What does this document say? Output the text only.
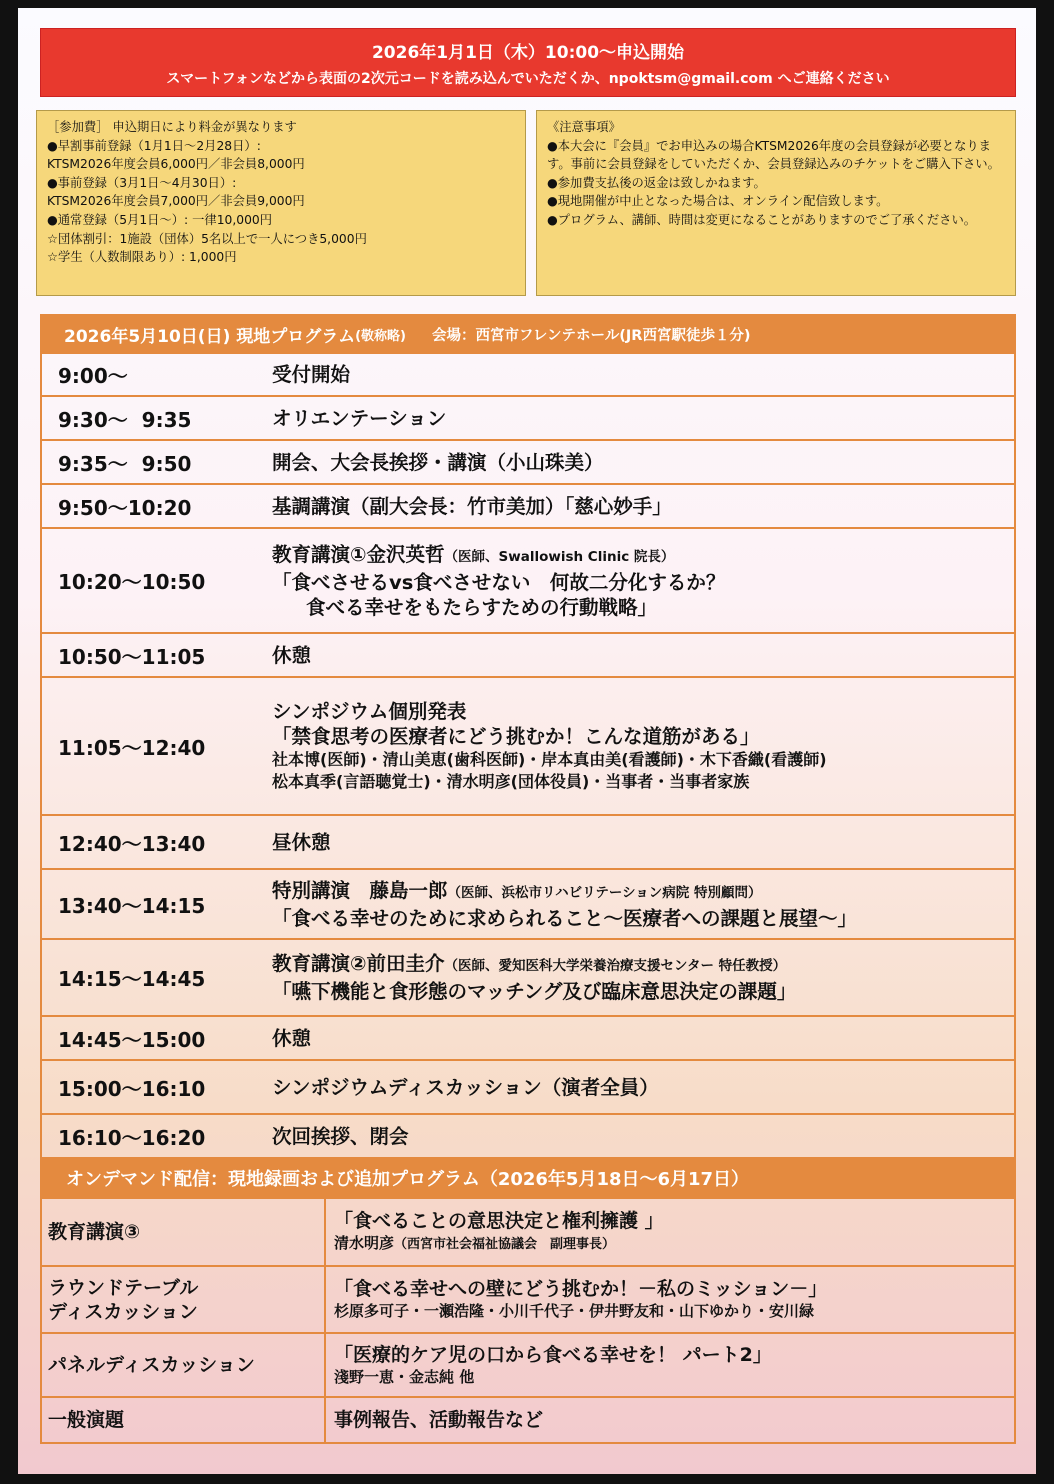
2026年1月1日（木）10:00～申込開始
スマートフォンなどから表面の2次元コードを読み込んでいただくか、npoktsm@gmail.com へご連絡ください
［参加費］ 申込期日により料金が異なります
●早割事前登録（1月1日～2月28日）:
KTSM2026年度会員6,000円／非会員8,000円
●事前登録（3月1日～4月30日）:
KTSM2026年度会員7,000円／非会員9,000円
●通常登録（5月1日～）: 一律10,000円
☆団体割引：1施設（団体）5名以上で一人につき5,000円
☆学生（人数制限あり）: 1,000円
《注意事項》
●本大会に『会員』でお申込みの場合KTSM2026年度の会員登録が必要となります。事前に会員登録をしていただくか、会員登録込みのチケットをご購入下さい。
●参加費支払後の返金は致しかねます。
●現地開催が中止となった場合は、オンライン配信致します。
●プログラム、講師、時間は変更になることがありますのでご了承ください。
2026年5月10日(日) 現地プログラム (敬称略) 会場：西宮市フレンテホール(JR西宮駅徒歩１分)
9:00～	受付開始
9:30～  9:35	オリエンテーション
9:35～  9:50	開会、大会長挨拶・講演（小山珠美）
9:50～10:20	基調講演（副大会長：竹市美加）「慈心妙手」
10:20～10:50
教育講演①金沢英哲（医師、Swallowish Clinic 院長）
「食べさせるvs食べさせない　何故二分化するか？
食べる幸せをもたらすための行動戦略」
10:50～11:05	休憩
11:05～12:40
シンポジウム個別発表
「禁食思考の医療者にどう挑むか！こんな道筋がある」
社本博(医師)・清山美恵(歯科医師)・岸本真由美(看護師)・木下香織(看護師)
松本真季(言語聴覚士)・清水明彦(団体役員)・当事者・当事者家族
12:40～13:40	昼休憩
13:40～14:15
特別講演　藤島一郎（医師、浜松市リハビリテーション病院 特別顧問）
「食べる幸せのために求められること～医療者への課題と展望～」
14:15～14:45
教育講演②前田圭介（医師、愛知医科大学栄養治療支援センター 特任教授）
「嚥下機能と食形態のマッチング及び臨床意思決定の課題」
14:45～15:00	休憩
15:00～16:10	シンポジウムディスカッション（演者全員）
16:10～16:20	次回挨拶、閉会
オンデマンド配信：現地録画および追加プログラム（2026年5月18日～6月17日）
教育講演③	「食べることの意思決定と権利擁護 」
清水明彦（西宮市社会福祉協議会　副理事長）
ラウンドテーブル
ディスカッション
「食べる幸せへの壁にどう挑むか！－私のミッション－」
杉原多可子・一瀬浩隆・小川千代子・伊井野友和・山下ゆかり・安川緑
パネルディスカッション	「医療的ケア児の口から食べる幸せを！ パート2」
淺野一恵・金志純 他
一般演題	事例報告、活動報告など
